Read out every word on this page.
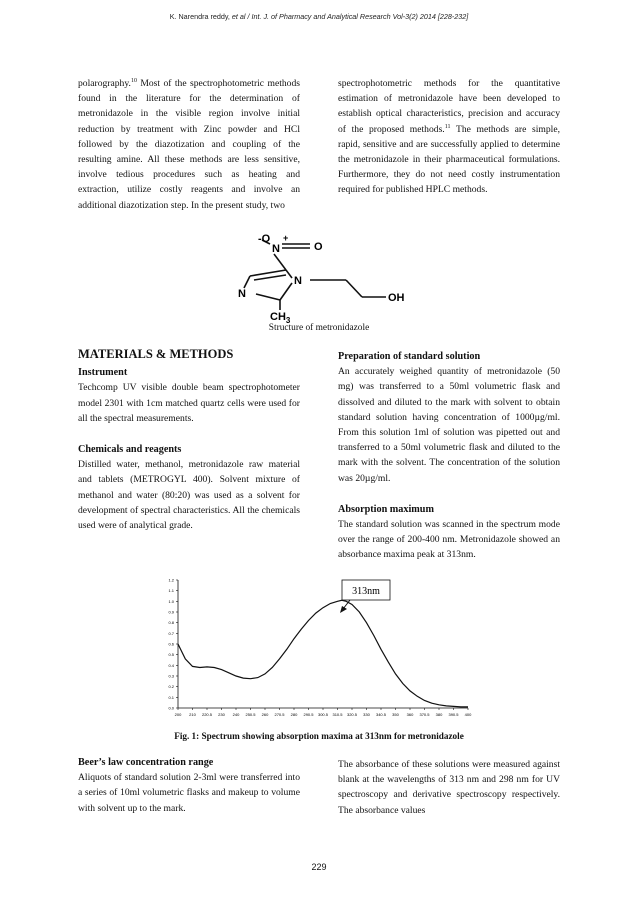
K. Narendra reddy, et al / Int. J. of Pharmacy and Analytical Research Vol-3(2) 2014 [228-232]

polarography.$^{10}$ Most of the spectrophotometric methods found in the literature for the determination of metronidazole in the visible region involve initial reduction by treatment with Zinc powder and HCl followed by the diazotization and coupling of the resulting amine. All these methods are less sensitive, involve tedious procedures such as heating and extraction, utilize costly reagents and involve an additional diazotization step. In the present study, two

spectrophotometric methods for the quantitative estimation of metronidazole have been developed to establish optical characteristics, precision and accuracy of the proposed methods.$^{11}$ The methods are simple, rapid, sensitive and are successfully applied to determine the metronidazole in their pharmaceutical formulations. Furthermore, they do not need costly instrumentation required for published HPLC methods.

-O
N
+
O
N
N	OH
$CH_3$
Structure of metronidazole

MATERIALS & METHODS

Instrument

Techcomp UV visible double beam spectrophotometer model 2301 with 1cm matched quartz cells were used for all the spectral measurements.

Chemicals and reagents

Distilled water, methanol, metronidazole raw material and tablets (METROGYL 400). Solvent mixture of methanol and water (80:20) was used as a solvent for development of spectral characteristics. All the chemicals used were of analytical grade.

Preparation of standard solution

An accurately weighed quantity of metronidazole (50 mg) was transferred to a 50ml volumetric flask and dissolved and diluted to the mark with solvent to obtain standard solution having concentration of 1000µg/ml. From this solution 1ml of solution was pipetted out and transferred to a 50ml volumetric flask and diluted to the mark with the solvent. The concentration of the solution was 20µg/ml.

Absorption maximum

The standard solution was scanned in the spectrum mode over the range of 200-400 nm. Metronidazole showed an absorbance maxima peak at 313nm.

0.0
0.1
0.2
0.3
0.4
0.5
0.6
0.7
0.8
0.9
1.0
1.1
1.2
200 210 220.5 230 240 250.5 260 270.5 280 290.5 300.5 310.5 320.5 330 340.5 350 360 370.5 380 390.5 400
313nm
Fig. 1: Spectrum showing absorption maxima at 313nm for metronidazole

Beer’s law concentration range

Aliquots of standard solution 2-3ml were transferred into a series of 10ml volumetric flasks and makeup to volume with solvent up to the mark.

The absorbance of these solutions were measured against blank at the wavelengths of 313 nm and 298 nm for UV spectroscopy and derivative spectroscopy respectively. The absorbance values

229
